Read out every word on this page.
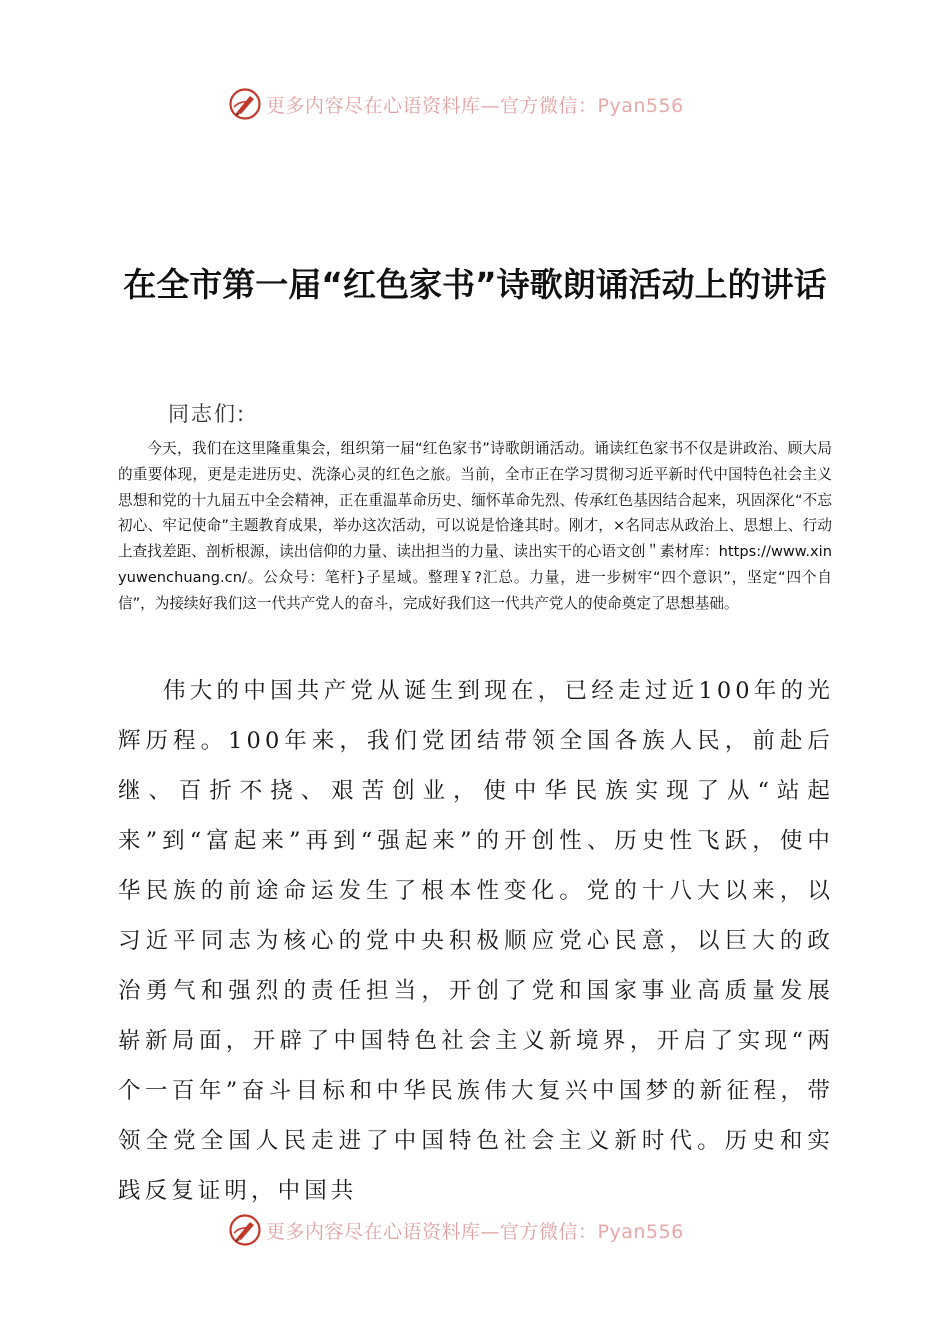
更多内容尽在心语资料库—官方微信：Pyan556
在全市第一届“红色家书”诗歌朗诵活动上的讲话
同志们:

今天，我们在这里隆重集会，组织第一届“红色家书”诗歌朗诵活动。诵读红色家书不仅是讲政治、顾大局的重要体现，更是走进历史、洗涤心灵的红色之旅。当前，全市正在学习贯彻习近平新时代中国特色社会主义思想和党的十九届五中全会精神，正在重温革命历史、缅怀革命先烈、传承红色基因结合起来，巩固深化“不忘初心、牢记使命”主题教育成果，举办这次活动，可以说是恰逢其时。刚才，×名同志从政治上、思想上、行动上查找差距、剖析根源，读出信仰的力量、读出担当的力量、读出实干的心语文创＂素材库：https://www.xinyuwenchuang.cn/。公众号：笔杆}子星域。整理￥?汇总。力量，进一步树牢“四个意识”，坚定“四个自信”，为接续好我们这一代共产党人的奋斗，完成好我们这一代共产党人的使命奠定了思想基础。

伟大的中国共产党从诞生到现在，已经走过近100年的光辉历程。100年来，我们党团结带领全国各族人民，前赴后继、百折不挠、艰苦创业，使中华民族实现了从“站起来”到“富起来”再到“强起来”的开创性、历史性飞跃，使中华民族的前途命运发生了根本性变化。党的十八大以来，以习近平同志为核心的党中央积极顺应党心民意，以巨大的政治勇气和强烈的责任担当，开创了党和国家事业高质量发展崭新局面，开辟了中国特色社会主义新境界，开启了实现“两个一百年”奋斗目标和中华民族伟大复兴中国梦的新征程，带领全党全国人民走进了中国特色社会主义新时代。历史和实践反复证明，中国共

更多内容尽在心语资料库—官方微信：Pyan556
